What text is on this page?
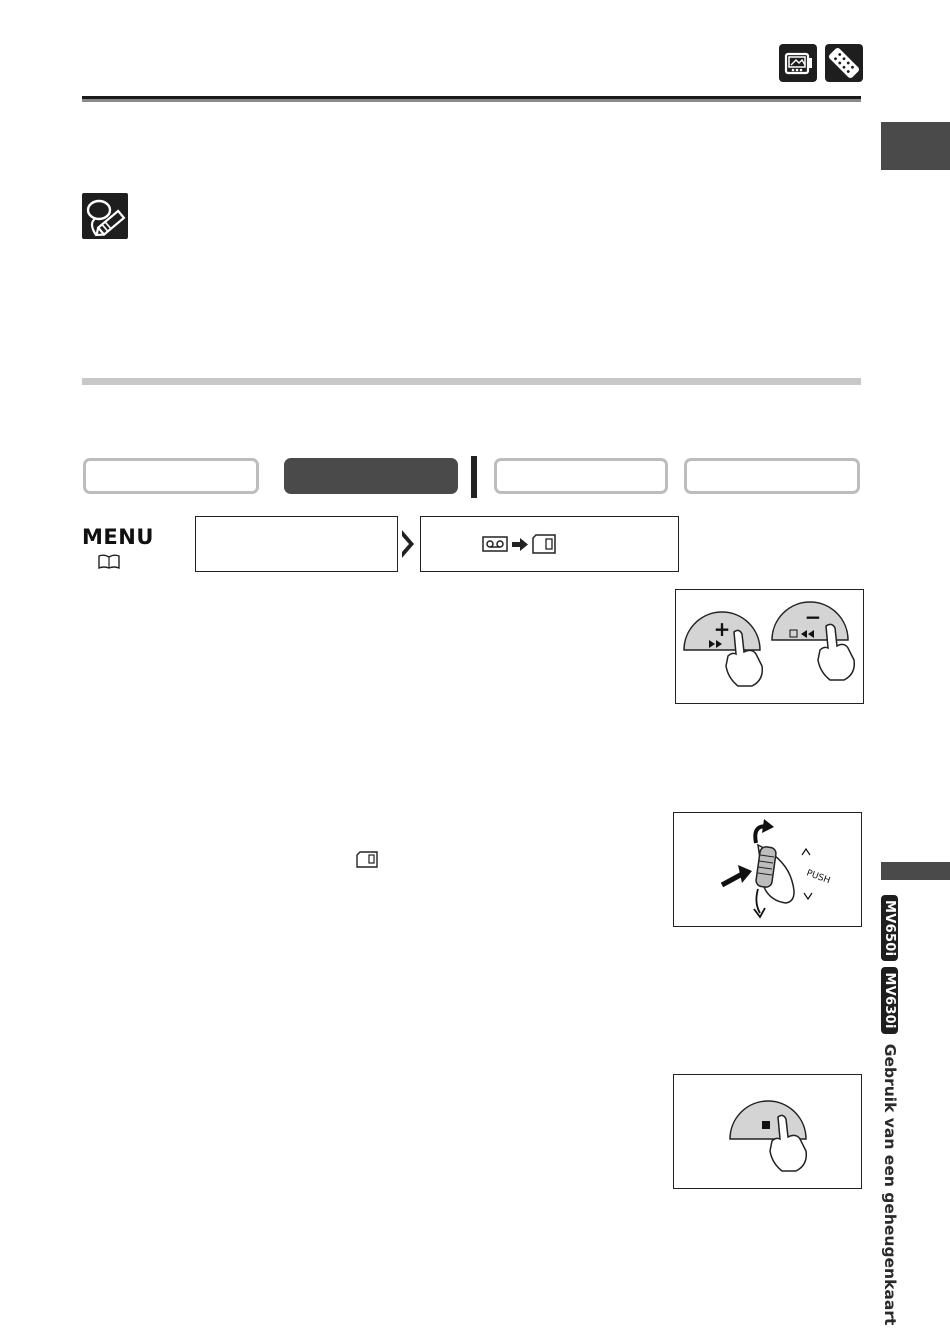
MENU
+	−
PUSH
MV650i
MV630i
Gebruik van een geheugenkaart
